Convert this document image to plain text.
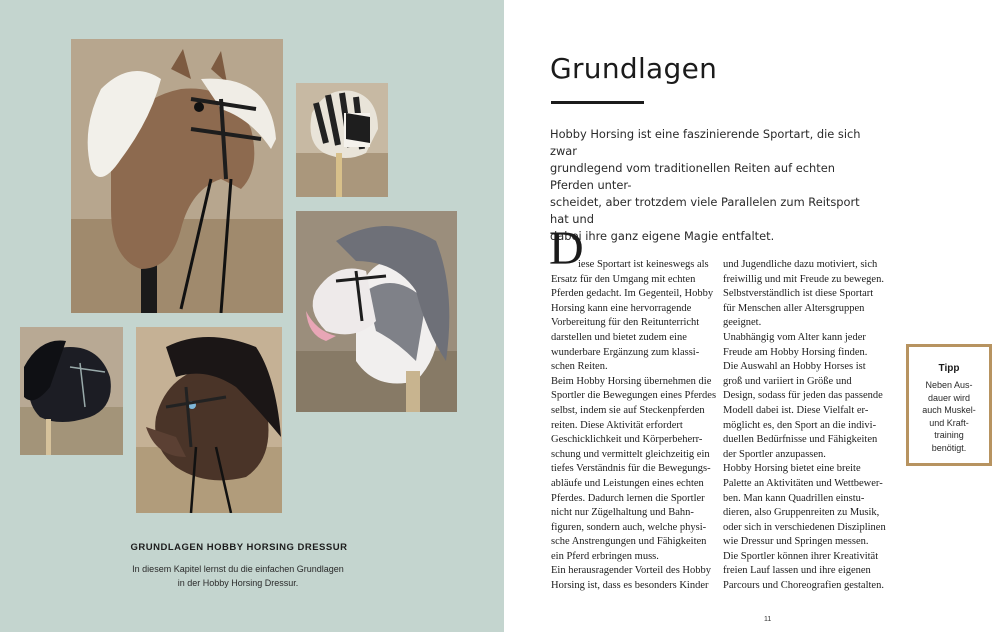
GRUNDLAGEN HOBBY HORSING DRESSUR
In diesem Kapitel lernst du die einfachen Grundlagen
in der Hobby Horsing Dressur.
Grundlagen
Hobby Horsing ist eine faszinierende Sportart, die sich zwar
grundlegend vom traditionellen Reiten auf echten Pferden unter-
scheidet, aber trotzdem viele Parallelen zum Reitsport hat und
dabei ihre ganz eigene Magie entfaltet.
D
iese Sportart ist keineswegs als
Ersatz für den Umgang mit echten
Pferden gedacht. Im Gegenteil, Hobby
Horsing kann eine hervorragende
Vorbereitung für den Reitunterricht
darstellen und bietet zudem eine
wunderbare Ergänzung zum klassi-
schen Reiten.
Beim Hobby Horsing übernehmen die
Sportler die Bewegungen eines Pferdes
selbst, indem sie auf Steckenpferden
reiten. Diese Aktivität erfordert
Geschicklichkeit und Körperbeherr-
schung und vermittelt gleichzeitig ein
tiefes Verständnis für die Bewegungs-
abläufe und Leistungen eines echten
Pferdes. Dadurch lernen die Sportler
nicht nur Zügelhaltung und Bahn-
figuren, sondern auch, welche physi-
sche Anstrengungen und Fähigkeiten
ein Pferd erbringen muss.
Ein herausragender Vorteil des Hobby
Horsing ist, dass es besonders Kinder
und Jugendliche dazu motiviert, sich
freiwillig und mit Freude zu bewegen.
Selbstverständlich ist diese Sportart
für Menschen aller Altersgruppen
geeignet.
Unabhängig vom Alter kann jeder
Freude am Hobby Horsing finden.
Die Auswahl an Hobby Horses ist
groß und variiert in Größe und
Design, sodass für jeden das passende
Modell dabei ist. Diese Vielfalt er-
möglicht es, den Sport an die indivi-
duellen Bedürfnisse und Fähigkeiten
der Sportler anzupassen.
Hobby Horsing bietet eine breite
Palette an Aktivitäten und Wettbewer-
ben. Man kann Quadrillen einstu-
dieren, also Gruppenreiten zu Musik,
oder sich in verschiedenen Disziplinen
wie Dressur und Springen messen.
Die Sportler können ihrer Kreativität
freien Lauf lassen und ihre eigenen
Parcours und Choreografien gestalten.
Tipp
Neben Aus-
dauer wird
auch Muskel-
und Kraft-
training
benötigt.
11
